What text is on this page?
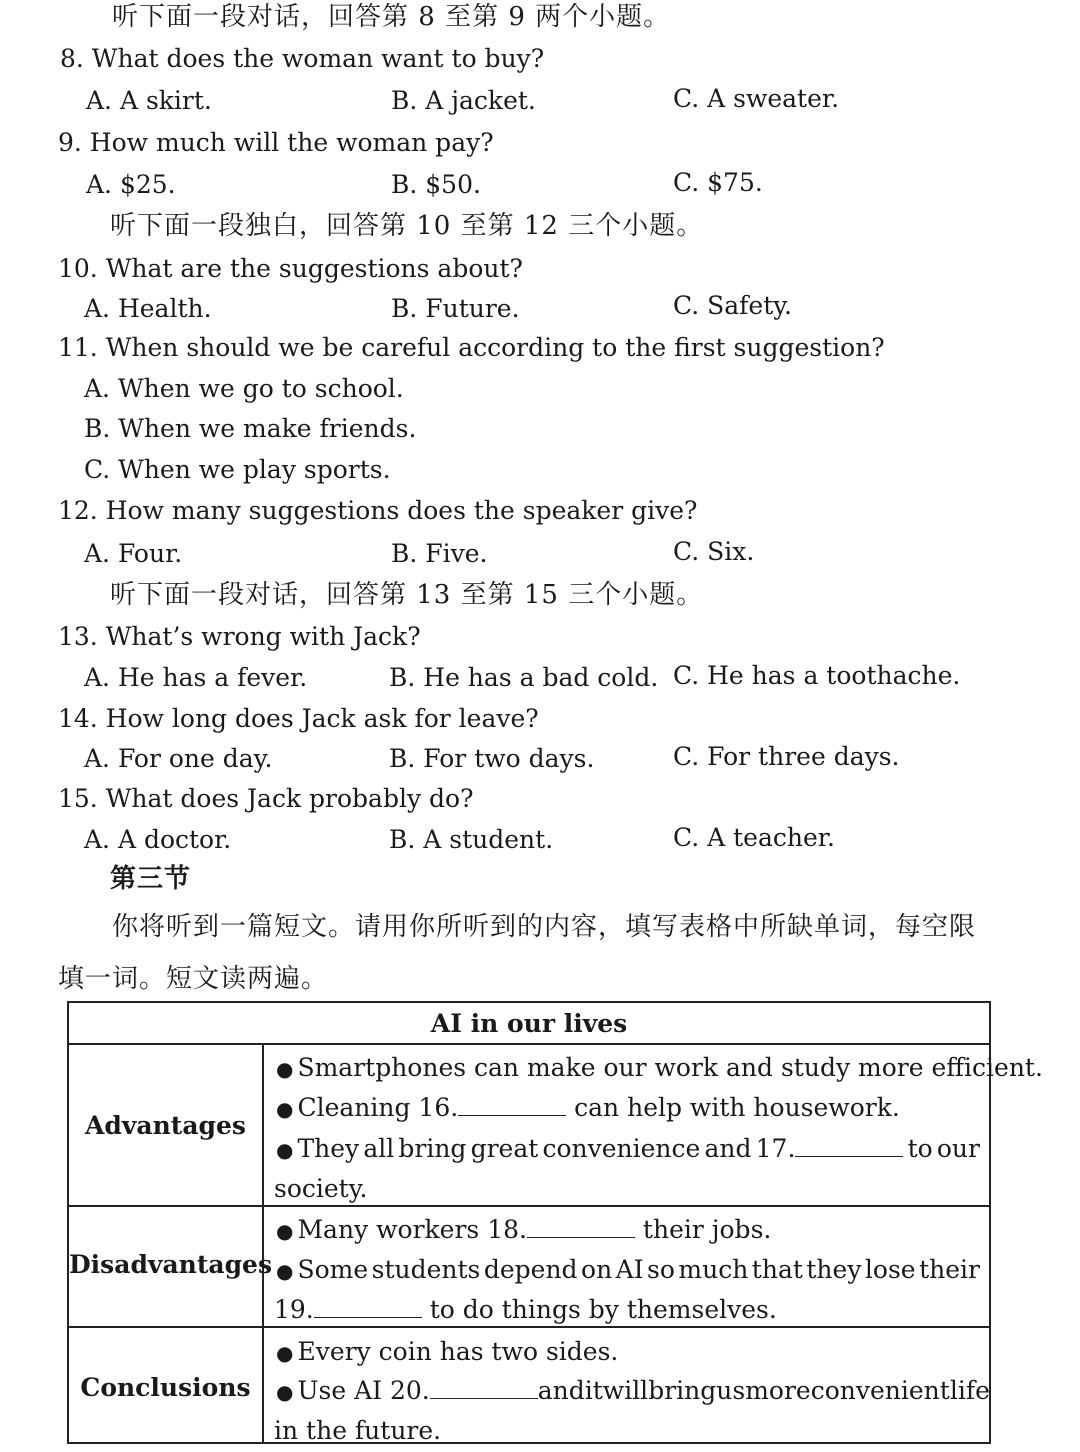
听下面一段对话，回答第 8 至第 9 两个小题。
8. What does the woman want to buy?
A. A skirt.	B. A jacket.	C. A sweater.
9. How much will the woman pay?
A. $25.	B. $50.	C. $75.
听下面一段独白，回答第 10 至第 12 三个小题。
10. What are the suggestions about?
A. Health.	B. Future.	C. Safety.
11. When should we be careful according to the first suggestion?
A. When we go to school.
B. When we make friends.
C. When we play sports.
12. How many suggestions does the speaker give?
A. Four.	B. Five.	C. Six.
听下面一段对话，回答第 13 至第 15 三个小题。
13. What’s wrong with Jack?
A. He has a fever.	B. He has a bad cold. C. He has a toothache.
14. How long does Jack ask for leave?
A. For one day.	B. For two days.	C. For three days.
15. What does Jack probably do?
A. A doctor.	B. A student.	C. A teacher.
第三节
你将听到一篇短文。请用你所听到的内容，填写表格中所缺单词，每空限
填一词。短文读两遍。
AI in our lives
Advantages
● Smartphones can make our work and study more efficient.
● Cleaning 16.	can help with housework.
● They all bring great convenience and 17.	to our
society.
Disadvantages
● Many workers 18.	their jobs.
● Some students depend on AI so much that they lose their
19.	to do things by themselves.
Conclusions
● Every coin has two sides.
● Use AI 20.	and it will bring us more convenient life
in the future.
